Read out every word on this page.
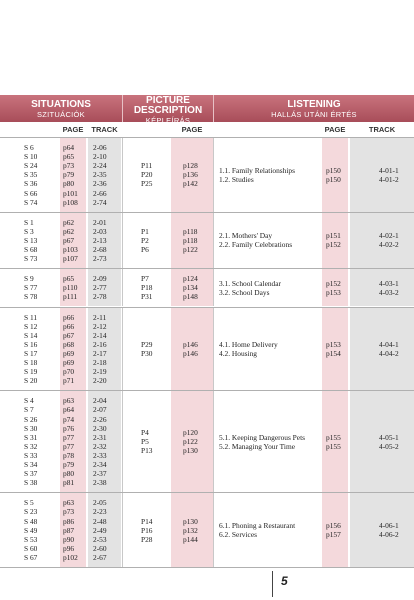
SITUATIONS
SZITUÁCIÓK
PICTURE
DESCRIPTION
KÉPLEÍRÁS
LISTENING
HALLÁS UTÁNI ÉRTÉS
PAGE	TRACK	PAGE	PAGE	TRACK
S 6	p64	2-06
S 10	p65	2-10
S 24	p73	2-24
S 35	p79	2-35
S 36	p80	2-36
S 66	p101 2-66
S 74	p108 2-74
P11	p128
P20	p136
P25	p142
1.1. Family Relationships	p150	4-01-1
1.2. Studies	p150	4-01-2
S 1	p62	2-01
S 3	p62	2-03
S 13	p67	2-13
S 68	p103 2-68
S 73	p107 2-73
P1	p118
P2	p118
P6	p122
2.1. Mothers' Day	p151	4-02-1
2.2. Family Celebrations	p152	4-02-2
S 9	p65	2-09
S 77	p110 2-77
S 78	p111 2-78
P7	p124
P18	p134
P31	p148
3.1. School Calendar	p152	4-03-1
3.2. School Days	p153	4-03-2
S 11	p66	2-11
S 12	p66	2-12
S 14	p67	2-14
S 16	p68	2-16
S 17	p69	2-17
S 18	p69	2-18
S 19	p70	2-19
S 20	p71	2-20
P29	p146
P30	p146
4.1. Home Delivery	p153	4-04-1
4.2. Housing	p154	4-04-2
S 4	p63	2-04
S 7	p64	2-07
S 26	p74	2-26
S 30	p76	2-30
S 31	p77	2-31
S 32	p77	2-32
S 33	p78	2-33
S 34	p79	2-34
S 37	p80	2-37
S 38	p81	2-38
P4	p120
P5	p122
P13	p130
5.1. Keeping Dangerous Pets	p155	4-05-1
5.2. Managing Your Time	p155	4-05-2
S 5	p63	2-05
S 23	p73	2-23
S 48	p86	2-48
S 49	p87	2-49
S 53	p90	2-53
S 60	p96	2-60
S 67	p102 2-67
P14	p130
P16	p132
P28	p144
6.1. Phoning a Restaurant	p156	4-06-1
6.2. Services	p157	4-06-2
5
